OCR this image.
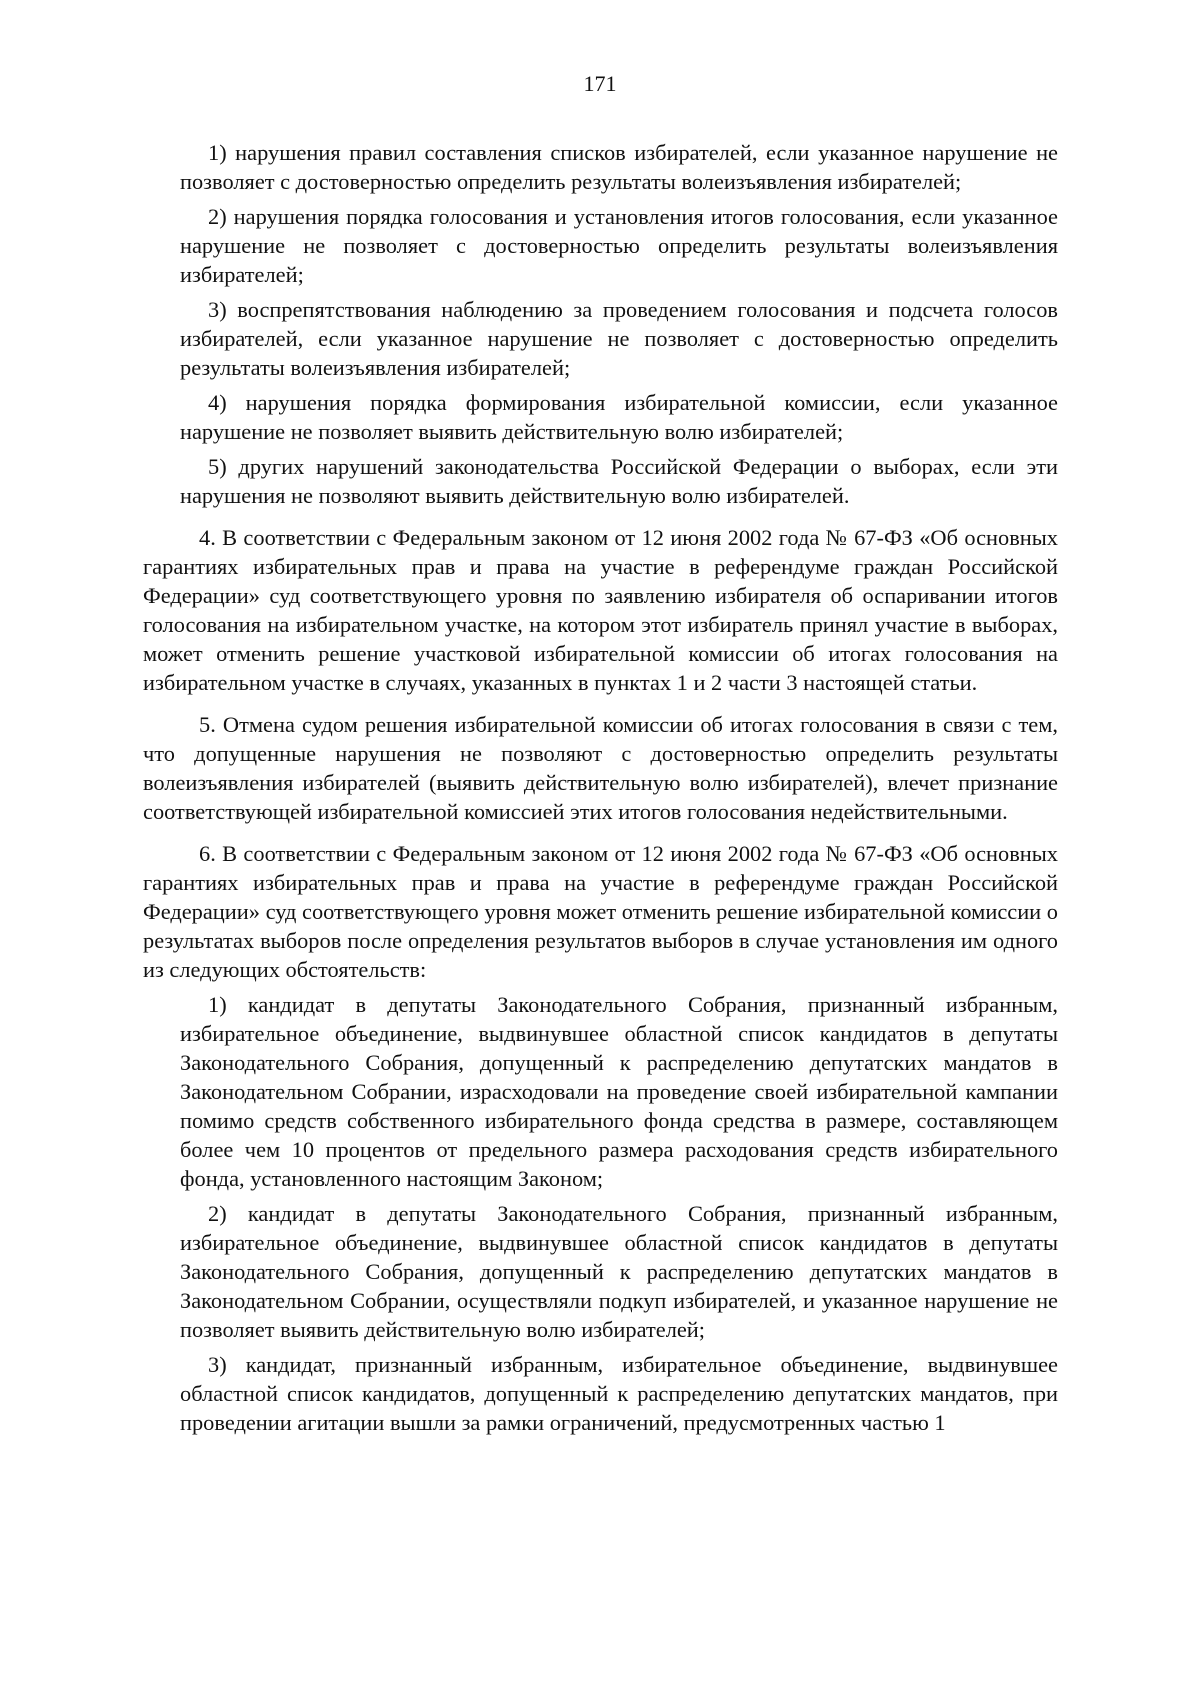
171

1) нарушения правил составления списков избирателей, если указанное нарушение не позволяет с достоверностью определить результаты волеизъявления избирателей;

2) нарушения порядка голосования и установления итогов голосования, если указанное нарушение не позволяет с достоверностью определить результаты волеизъявления избирателей;

3) воспрепятствования наблюдению за проведением голосования и подсчета голосов избирателей, если указанное нарушение не позволяет с достоверностью определить результаты волеизъявления избирателей;

4) нарушения порядка формирования избирательной комиссии, если указанное нарушение не позволяет выявить действительную волю избирателей;

5) других нарушений законодательства Российской Федерации о выборах, если эти нарушения не позволяют выявить действительную волю избирателей.

4. В соответствии с Федеральным законом от 12 июня 2002 года № 67-ФЗ «Об основных гарантиях избирательных прав и права на участие в референдуме граждан Российской Федерации» суд соответствующего уровня по заявлению избирателя об оспаривании итогов голосования на избирательном участке, на котором этот избиратель принял участие в выборах, может отменить решение участковой избирательной комиссии об итогах голосования на избирательном участке в случаях, указанных в пунктах 1 и 2 части 3 настоящей статьи.

5. Отмена судом решения избирательной комиссии об итогах голосования в связи с тем, что допущенные нарушения не позволяют с достоверностью определить результаты волеизъявления избирателей (выявить действительную волю избирателей), влечет признание соответствующей избирательной комиссией этих итогов голосования недействительными.

6. В соответствии с Федеральным законом от 12 июня 2002 года № 67-ФЗ «Об основных гарантиях избирательных прав и права на участие в референдуме граждан Российской Федерации» суд соответствующего уровня может отменить решение избирательной комиссии о результатах выборов после определения результатов выборов в случае установления им одного из следующих обстоятельств:

1) кандидат в депутаты Законодательного Собрания, признанный избранным, избирательное объединение, выдвинувшее областной список кандидатов в депутаты Законодательного Собрания, допущенный к распределению депутатских мандатов в Законодательном Собрании, израсходовали на проведение своей избирательной кампании помимо средств собственного избирательного фонда средства в размере, составляющем более чем 10 процентов от предельного размера расходования средств избирательного фонда, установленного настоящим Законом;

2) кандидат в депутаты Законодательного Собрания, признанный избранным, избирательное объединение, выдвинувшее областной список кандидатов в депутаты Законодательного Собрания, допущенный к распределению депутатских мандатов в Законодательном Собрании, осуществляли подкуп избирателей, и указанное нарушение не позволяет выявить действительную волю избирателей;

3) кандидат, признанный избранным, избирательное объединение, выдвинувшее областной список кандидатов, допущенный к распределению депутатских мандатов, при проведении агитации вышли за рамки ограничений, предусмотренных частью 1
